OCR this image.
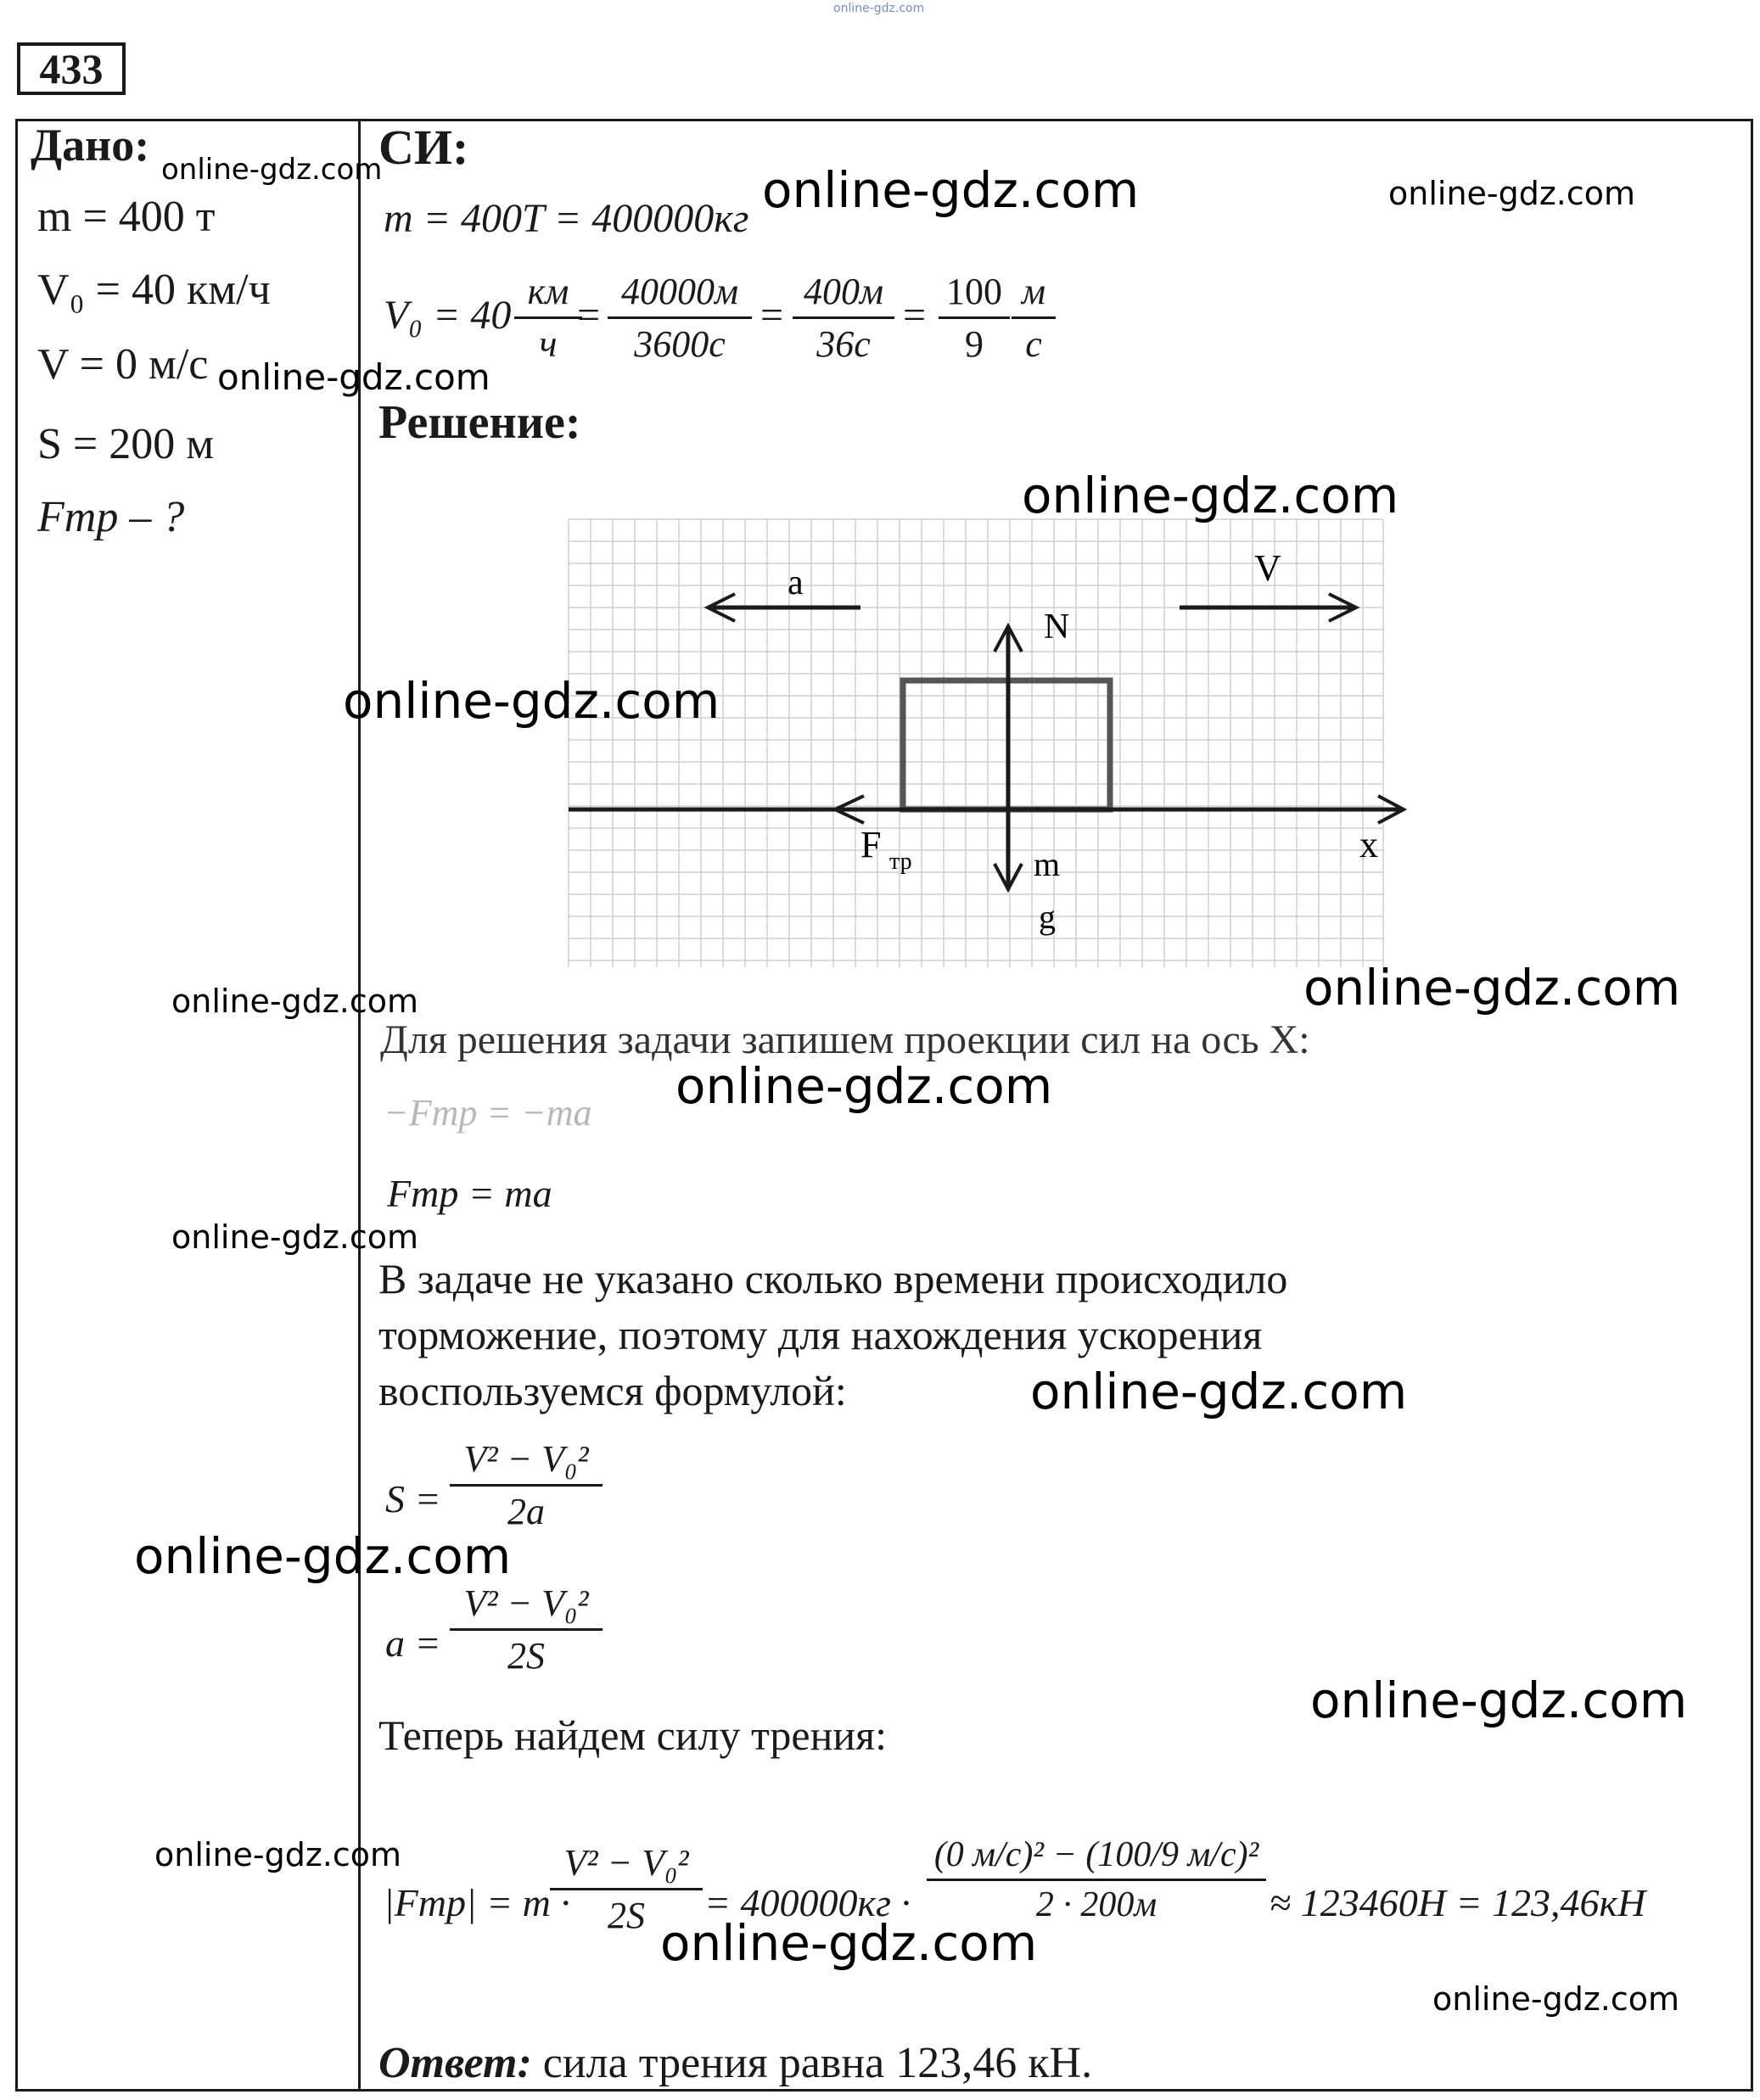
online-gdz.com
433
Дано:
m = 400 т
V₀ = 40 км/ч
V = 0 м/с
S = 200 м
Fтр – ?
СИ:
m = 400T = 400000кг
V₀ = 40
км
ч
=
40000м
3600с
=
400м
36с
=
100
9
м
с
Решение:
a	V
N
F тр	x
m
g
Для решения задачи запишем проекции сил на ось Х:
−Fтр = −ma
Fтр = ma
В задаче не указано сколько времени происходило
торможение, поэтому для нахождения ускорения
воспользуемся формулой:
S =
V² − V₀²
2a
a =
V² − V₀²
2S
Теперь найдем силу трения:
|Fтр| = m ·
V² − V₀²
2S	= 400000кг ·
(0 м/с)² − (100/9 м/с)²
2 · 200м	≈ 123460Н = 123,46кН
Ответ: сила трения равна 123,46 кН.
online-gdz.com	online-gdz.com	online-gdz.com
online-gdz.com
online-gdz.com
online-gdz.com
online-gdz.com	online-gdz.com
online-gdz.com
online-gdz.com
online-gdz.com
online-gdz.com
online-gdz.com
online-gdz.com
online-gdz.com
online-gdz.com
